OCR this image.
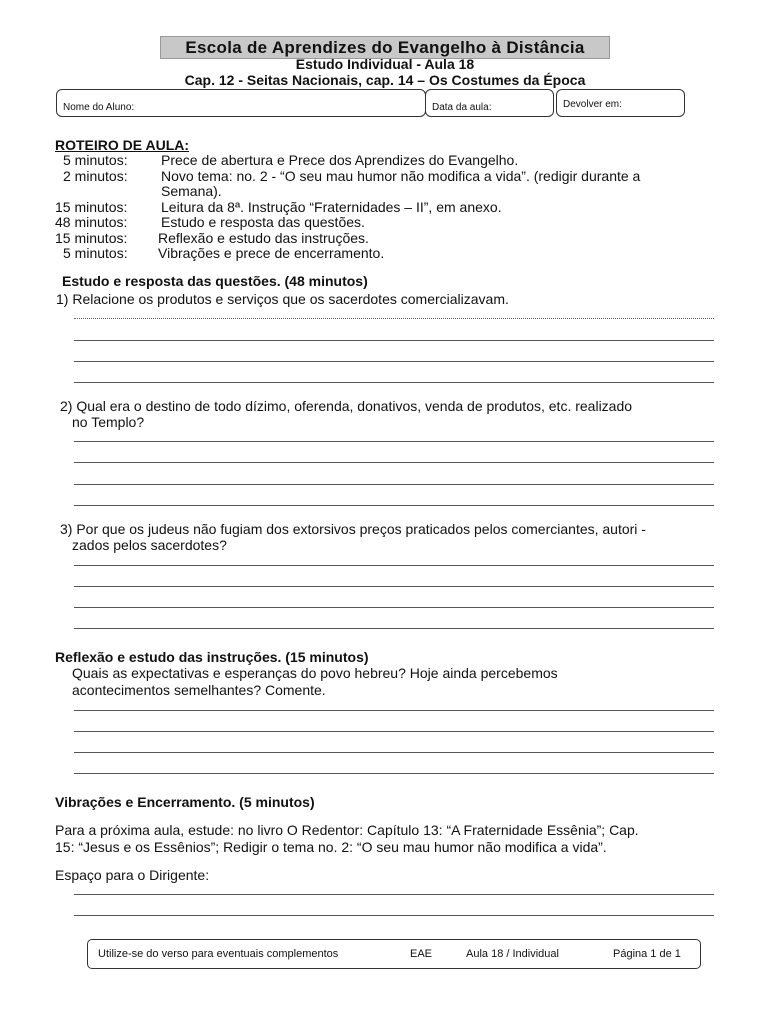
Escola de Aprendizes do Evangelho à Distância
Estudo Individual - Aula 18
Cap. 12 - Seitas Nacionais, cap. 14 – Os Costumes da Época
Nome do Aluno:	Data da aula:	Devolver em:
ROTEIRO DE AULA:
5 minutos: Prece de abertura e Prece dos Aprendizes do Evangelho.
2 minutos: Novo tema: no. 2 - “O seu mau humor não modifica a vida”. (redigir durante a
Semana).
15 minutos: Leitura da 8ª. Instrução “Fraternidades – II”, em anexo.
48 minutos: Estudo e resposta das questões.
15 minutos: Reflexão e estudo das instruções.
5 minutos: Vibrações e prece de encerramento.
Estudo e resposta das questões. (48 minutos)
1) Relacione os produtos e serviços que os sacerdotes comercializavam.
2) Qual era o destino de todo dízimo, oferenda, donativos, venda de produtos, etc. realizado
no Templo?
3) Por que os judeus não fugiam dos extorsivos preços praticados pelos comerciantes, autori -
zados pelos sacerdotes?
Reflexão e estudo das instruções. (15 minutos)
Quais as expectativas e esperanças do povo hebreu? Hoje ainda percebemos
acontecimentos semelhantes? Comente.
Vibrações e Encerramento. (5 minutos)
Para a próxima aula, estude: no livro O Redentor: Capítulo 13: “A Fraternidade Essênia”; Cap.
15: “Jesus e os Essênios”; Redigir o tema no. 2: “O seu mau humor não modifica a vida”.
Espaço para o Dirigente:
Utilize-se do verso para eventuais complementos	EAE	Aula 18 / Individual	Página 1 de 1
